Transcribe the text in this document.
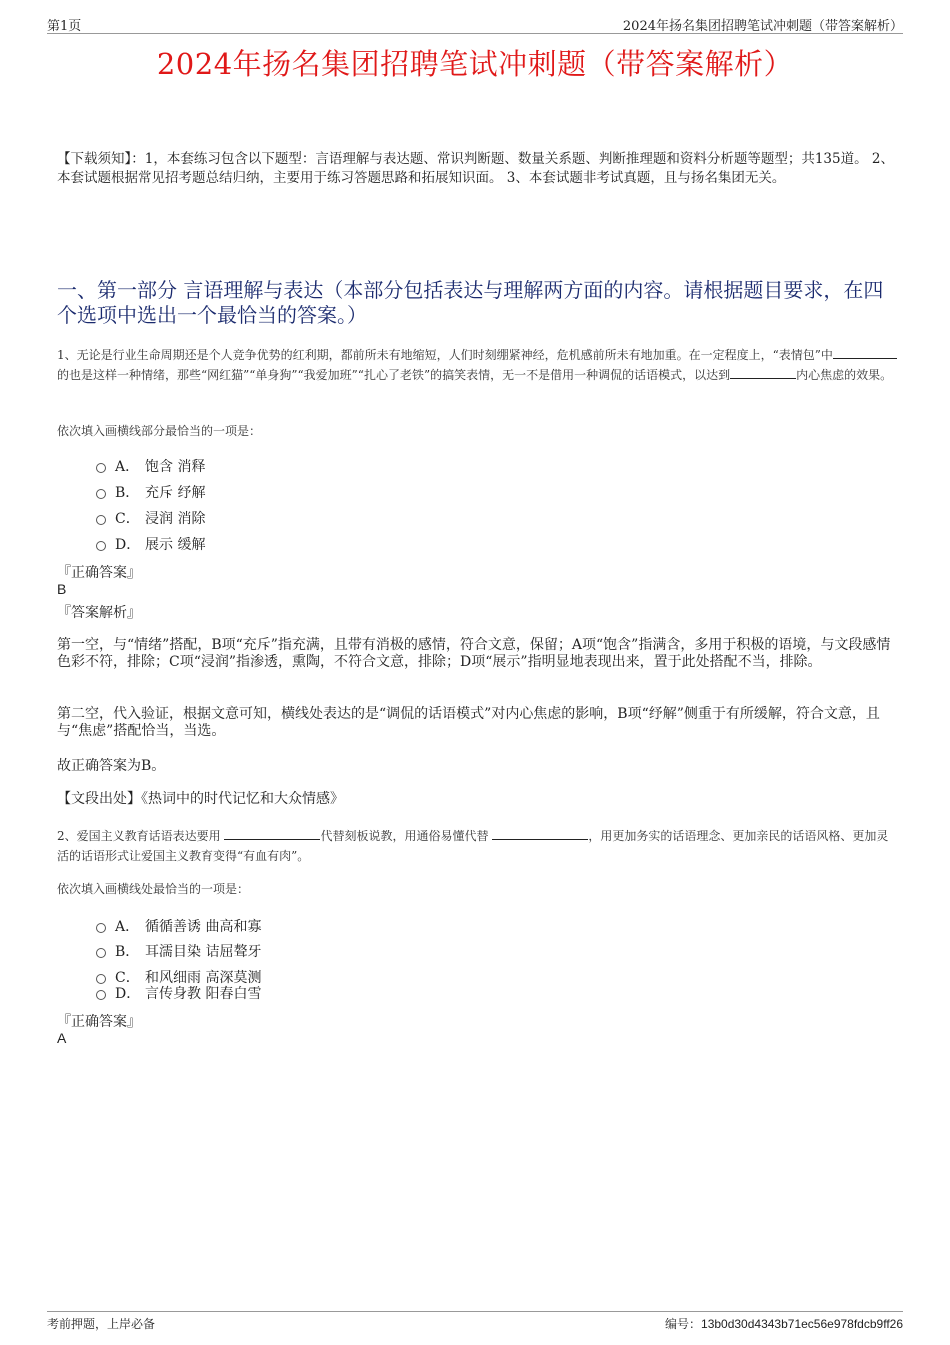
第1页	2024年扬名集团招聘笔试冲刺题（带答案解析）
2024年扬名集团招聘笔试冲刺题（带答案解析）
【下载须知】：1，本套练习包含以下题型：言语理解与表达题、常识判断题、数量关系题、判断推理题和资料分析题等题型；共135道。 2、本套试题根据常见招考题总结归纳，主要用于练习答题思路和拓展知识面。 3、本套试题非考试真题，且与扬名集团无关。
一、第一部分 言语理解与表达（本部分包括表达与理解两方面的内容。请根据题目要求，在四个选项中选出一个最恰当的答案。）
1、无论是行业生命周期还是个人竞争优势的红利期，都前所未有地缩短，人们时刻绷紧神经，危机感前所未有地加重。在一定程度上，“表情包”中的也是这样一种情绪，那些“网红猫”“单身狗”“我爱加班”“扎心了老铁”的搞笑表情，无一不是借用一种调侃的话语模式，以达到	内心焦虑的效果。
依次填入画横线部分最恰当的一项是：
A． 饱含 消释
B． 充斥 纾解
C． 浸润 消除
D． 展示 缓解
『正确答案』
B
『答案解析』
第一空，与“情绪”搭配，B项“充斥”指充满，且带有消极的感情，符合文意，保留；A项“饱含”指满含，多用于积极的语境，与文段感情色彩不符，排除；C项“浸润”指渗透，熏陶，不符合文意，排除；D项“展示”指明显地表现出来，置于此处搭配不当，排除。
第二空，代入验证，根据文意可知，横线处表达的是“调侃的话语模式”对内心焦虑的影响，B项“纾解”侧重于有所缓解，符合文意，且与“焦虑”搭配恰当，当选。
故正确答案为B。
【文段出处】《热词中的时代记忆和大众情感》
2、爱国主义教育话语表达要用	代替刻板说教，用通俗易懂代替	，用更加务实的话语理念、更加亲民的话语风格、更加灵活的话语形式让爱国主义教育变得“有血有肉”。
依次填入画横线处最恰当的一项是：
A． 循循善诱 曲高和寡
B． 耳濡目染 诘屈聱牙
C． 和风细雨 高深莫测
D． 言传身教 阳春白雪
『正确答案』
A
考前押题，上岸必备	编号：13b0d30d4343b71ec56e978fdcb9ff26
